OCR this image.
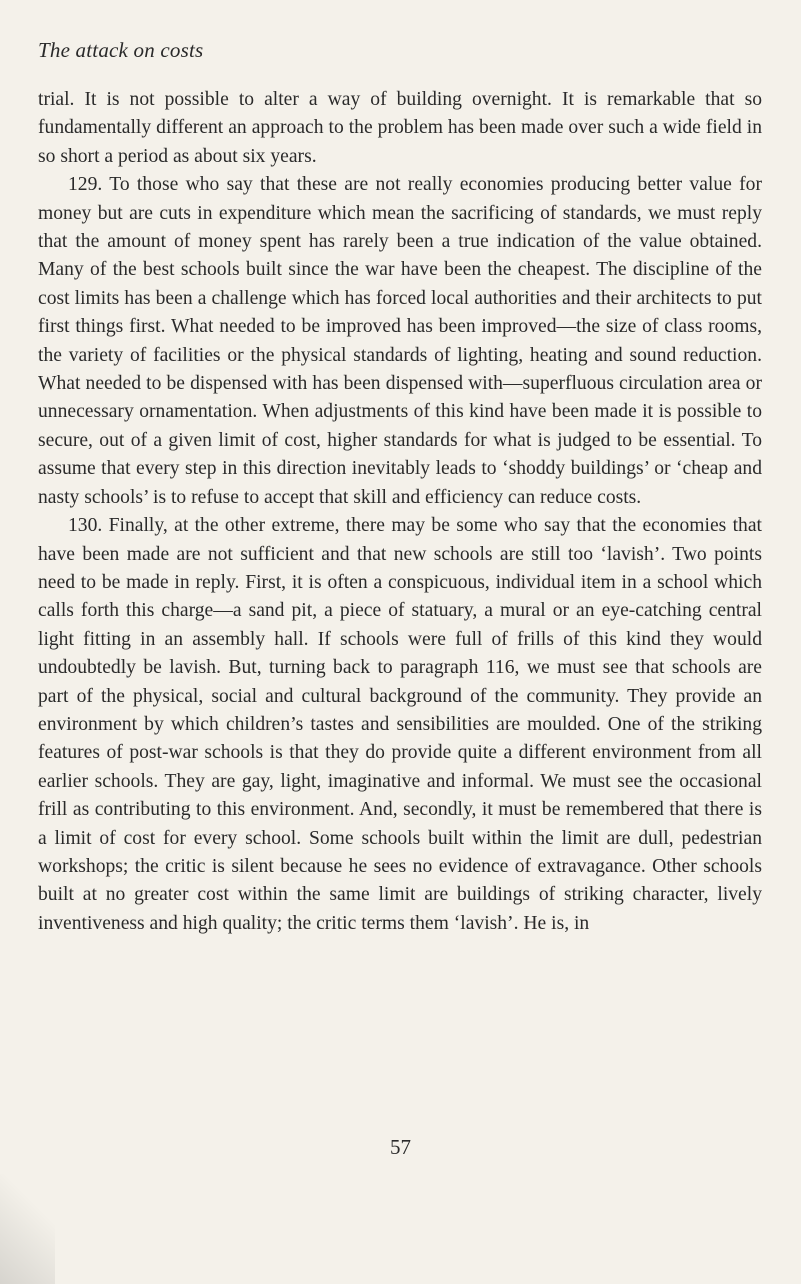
The attack on costs

trial. It is not possible to alter a way of building overnight. It is remarkable that so fundamentally different an approach to the problem has been made over such a wide field in so short a period as about six years.

129. To those who say that these are not really economies producing better value for money but are cuts in expenditure which mean the sacrificing of standards, we must reply that the amount of money spent has rarely been a true indication of the value obtained. Many of the best schools built since the war have been the cheapest. The discipline of the cost limits has been a challenge which has forced local authorities and their architects to put first things first. What needed to be improved has been improved—the size of class rooms, the variety of facilities or the physical standards of lighting, heating and sound reduction. What needed to be dispensed with has been dispensed with—superfluous circulation area or unnecessary ornamentation. When adjustments of this kind have been made it is possible to secure, out of a given limit of cost, higher standards for what is judged to be essential. To assume that every step in this direction inevitably leads to ‘shoddy buildings’ or ‘cheap and nasty schools’ is to refuse to accept that skill and efficiency can reduce costs.

130. Finally, at the other extreme, there may be some who say that the economies that have been made are not sufficient and that new schools are still too ‘lavish’. Two points need to be made in reply. First, it is often a conspicuous, individual item in a school which calls forth this charge—a sand pit, a piece of statuary, a mural or an eye-catching central light fitting in an assembly hall. If schools were full of frills of this kind they would undoubtedly be lavish. But, turning back to paragraph 116, we must see that schools are part of the physical, social and cultural background of the community. They provide an environment by which children’s tastes and sensibilities are moulded. One of the striking features of post-war schools is that they do provide quite a different environment from all earlier schools. They are gay, light, imaginative and informal. We must see the occasional frill as contributing to this environment. And, secondly, it must be remembered that there is a limit of cost for every school. Some schools built within the limit are dull, pedestrian workshops; the critic is silent because he sees no evidence of extravagance. Other schools built at no greater cost within the same limit are buildings of striking character, lively inventiveness and high quality; the critic terms them ‘lavish’. He is, in

57
